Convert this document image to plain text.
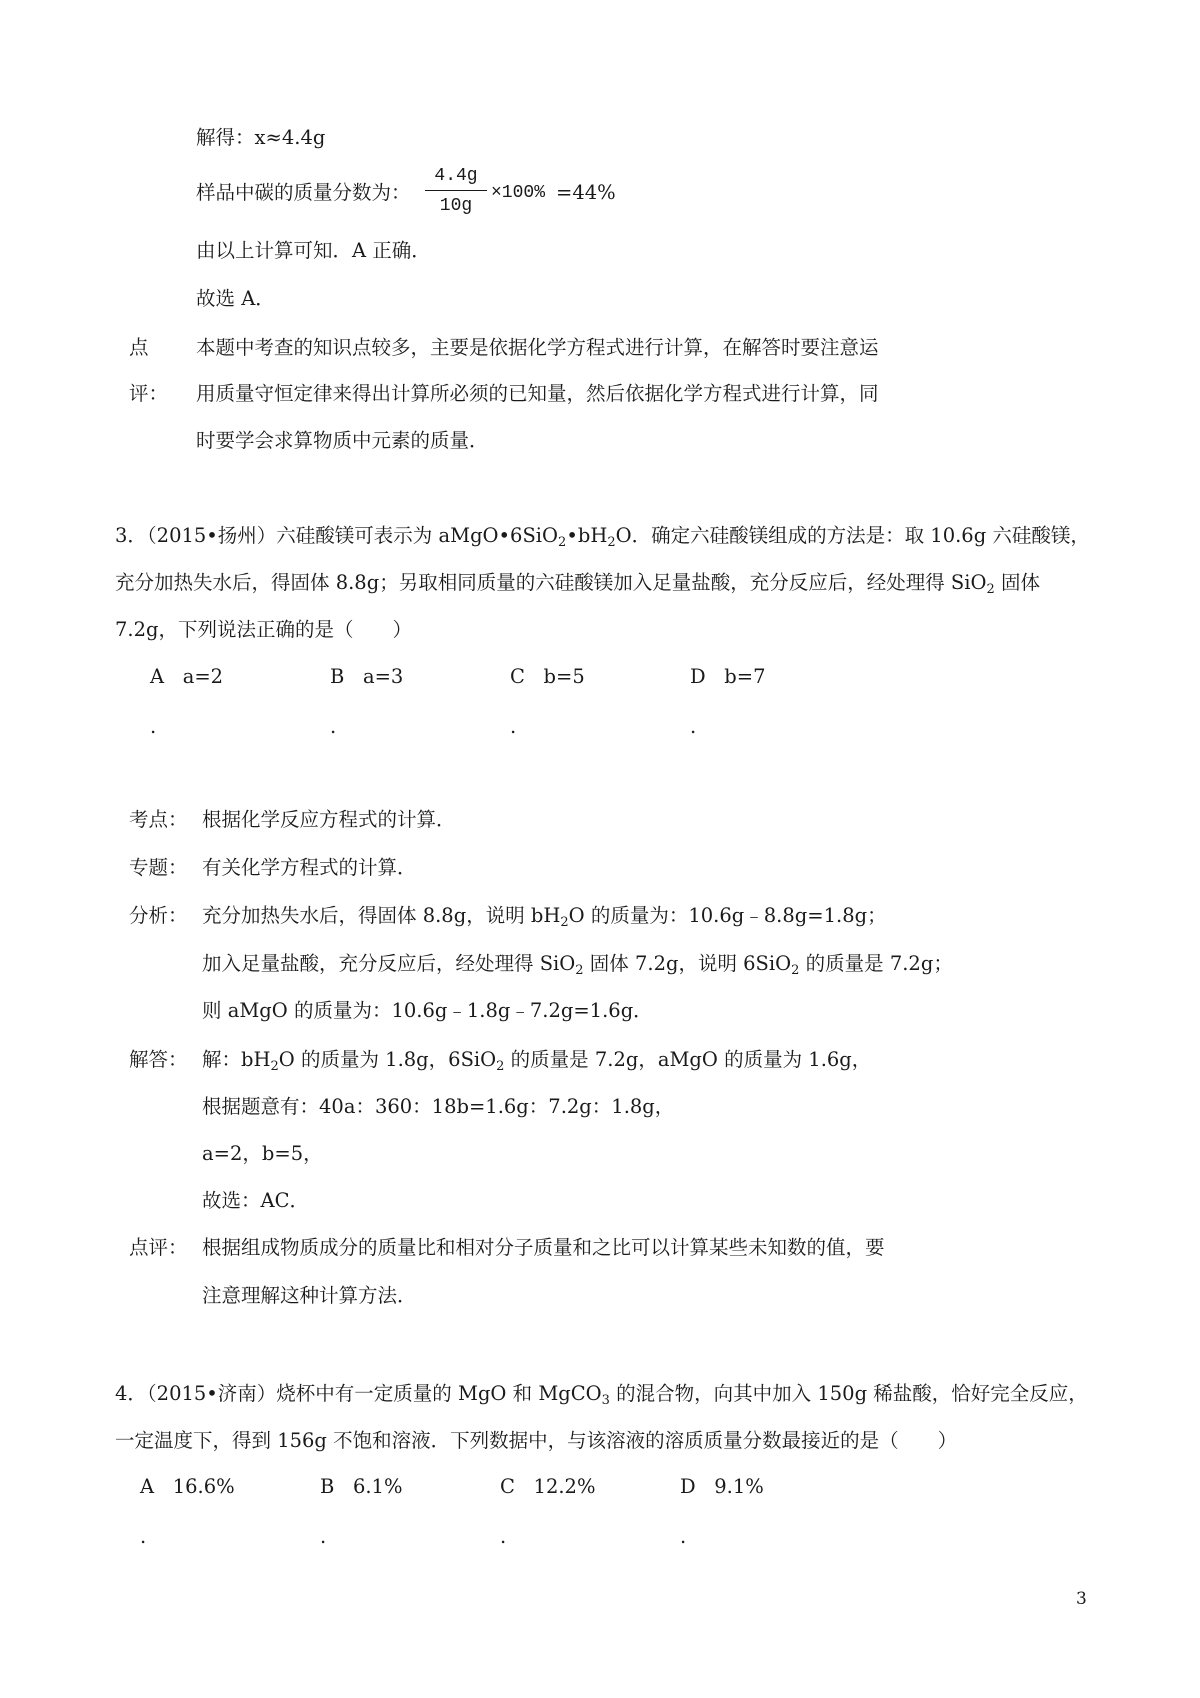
解得：x≈4.4g
样品中碳的质量分数为：
4.4g
10g
×100% =44%
由以上计算可知．A 正确．
故选 A．
点 本题中考查的知识点较多，主要是依据化学方程式进行计算，在解答时要注意运
评： 用质量守恒定律来得出计算所必须的已知量，然后依据化学方程式进行计算，同
时要学会求算物质中元素的质量．
3．（2015•扬州）六硅酸镁可表示为 $aMgO•6SiO_2•bH_2O$．确定六硅酸镁组成的方法是：取 10.6g 六硅酸镁，
充分加热失水后，得固体 8.8g；另取相同质量的六硅酸镁加入足量盐酸，充分反应后，经处理得 SiO$_2$ 固体
7.2g，下列说法正确的是（　　）
A a=2
.
B a=3
.
C b=5
.
D b=7
.
考点： 根据化学反应方程式的计算．
专题： 有关化学方程式的计算．
分析： 充分加热失水后，得固体 8.8g，说明 $bH_2O$ 的质量为：10.6g﹣8.8g=1.8g；
加入足量盐酸，充分反应后，经处理得 SiO$_2$ 固体 7.2g，说明 6SiO$_2$ 的质量是 7.2g；
则 aMgO 的质量为：10.6g﹣1.8g﹣7.2g=1.6g．
解答： 解：$bH_2O$ 的质量为 1.8g，6SiO$_2$ 的质量是 7.2g，aMgO 的质量为 1.6g，
根据题意有：40a：360：18b=1.6g：7.2g：1.8g，
a=2，b=5，
故选：AC．
点评： 根据组成物质成分的质量比和相对分子质量和之比可以计算某些未知数的值，要
注意理解这种计算方法．
4．（2015•济南）烧杯中有一定质量的 MgO 和 MgCO$_3$ 的混合物，向其中加入 150g 稀盐酸，恰好完全反应，
一定温度下，得到 156g 不饱和溶液．下列数据中，与该溶液的溶质质量分数最接近的是（　　）
A 16.6%
.
B 6.1%
.
C 12.2%
.
D 9.1%
.
3
